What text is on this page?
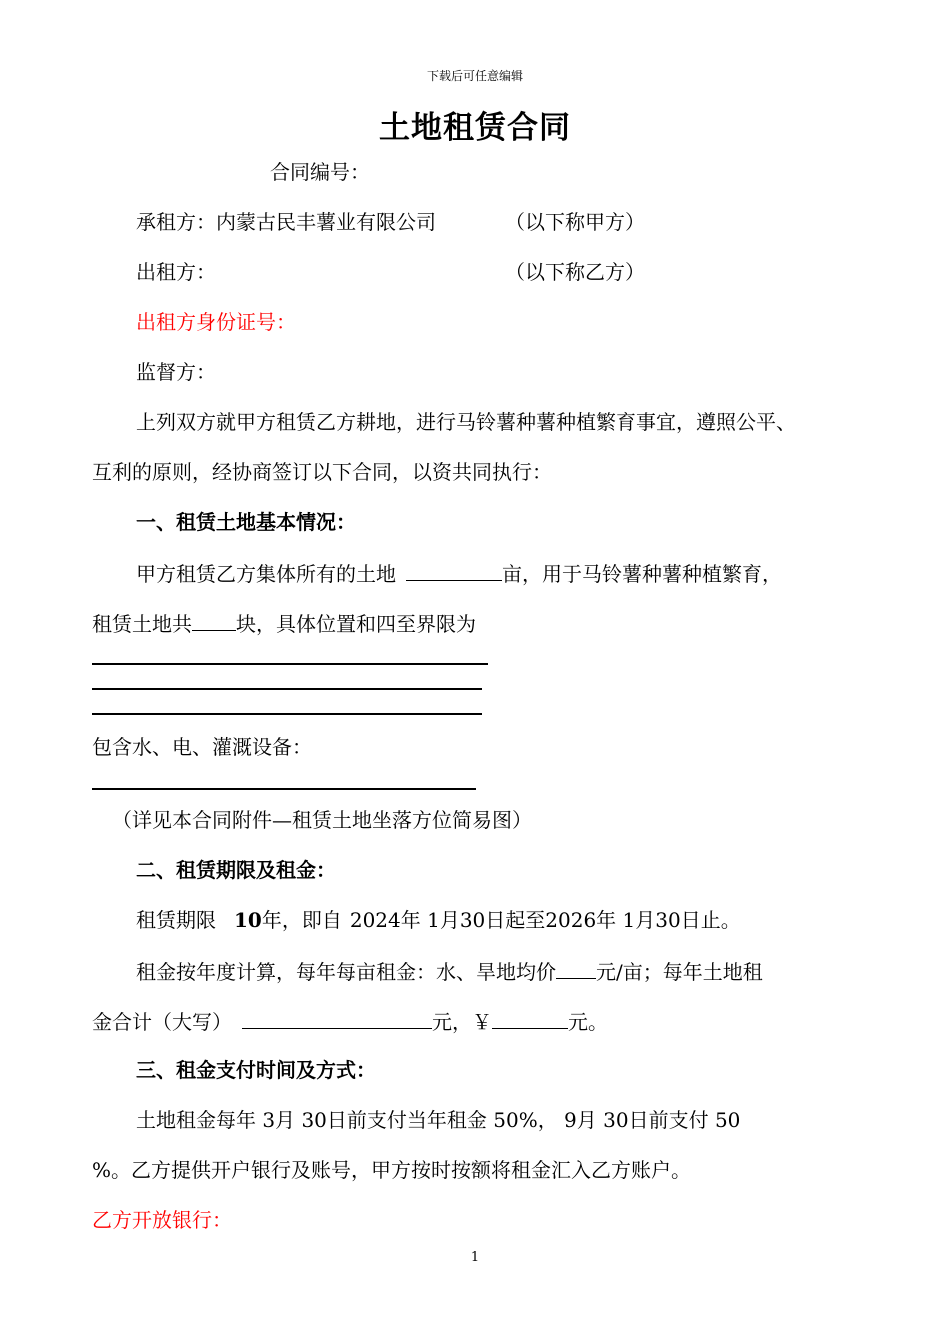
下载后可任意编辑
土地租赁合同
合同编号：
承租方：内蒙古民丰薯业有限公司	（以下称甲方）
出租方：	（以下称乙方）
出租方身份证号：
监督方：
上列双方就甲方租赁乙方耕地，进行马铃薯种薯种植繁育事宜，遵照公平、
互利的原则，经协商签订以下合同，以资共同执行：
一、租赁土地基本情况：
甲方租赁乙方集体所有的土地	亩，用于马铃薯种薯种植繁育，
租赁土地共 块，具体位置和四至界限为
包含水、电、灌溉设备：
（详见本合同附件—租赁土地坐落方位简易图）
二、租赁期限及租金：
租赁期限 10年，即自 2024年 1月30日起至2026年 1月30日止。
租金按年度计算，每年每亩租金：水、旱地均价 元/亩；每年土地租
金合计（大写）	元，￥	元。
三、租金支付时间及方式：
土地租金每年 3月 30日前支付当年租金 50%， 9月 30日前支付 50
%。乙方提供开户银行及账号，甲方按时按额将租金汇入乙方账户。
乙方开放银行：
1
